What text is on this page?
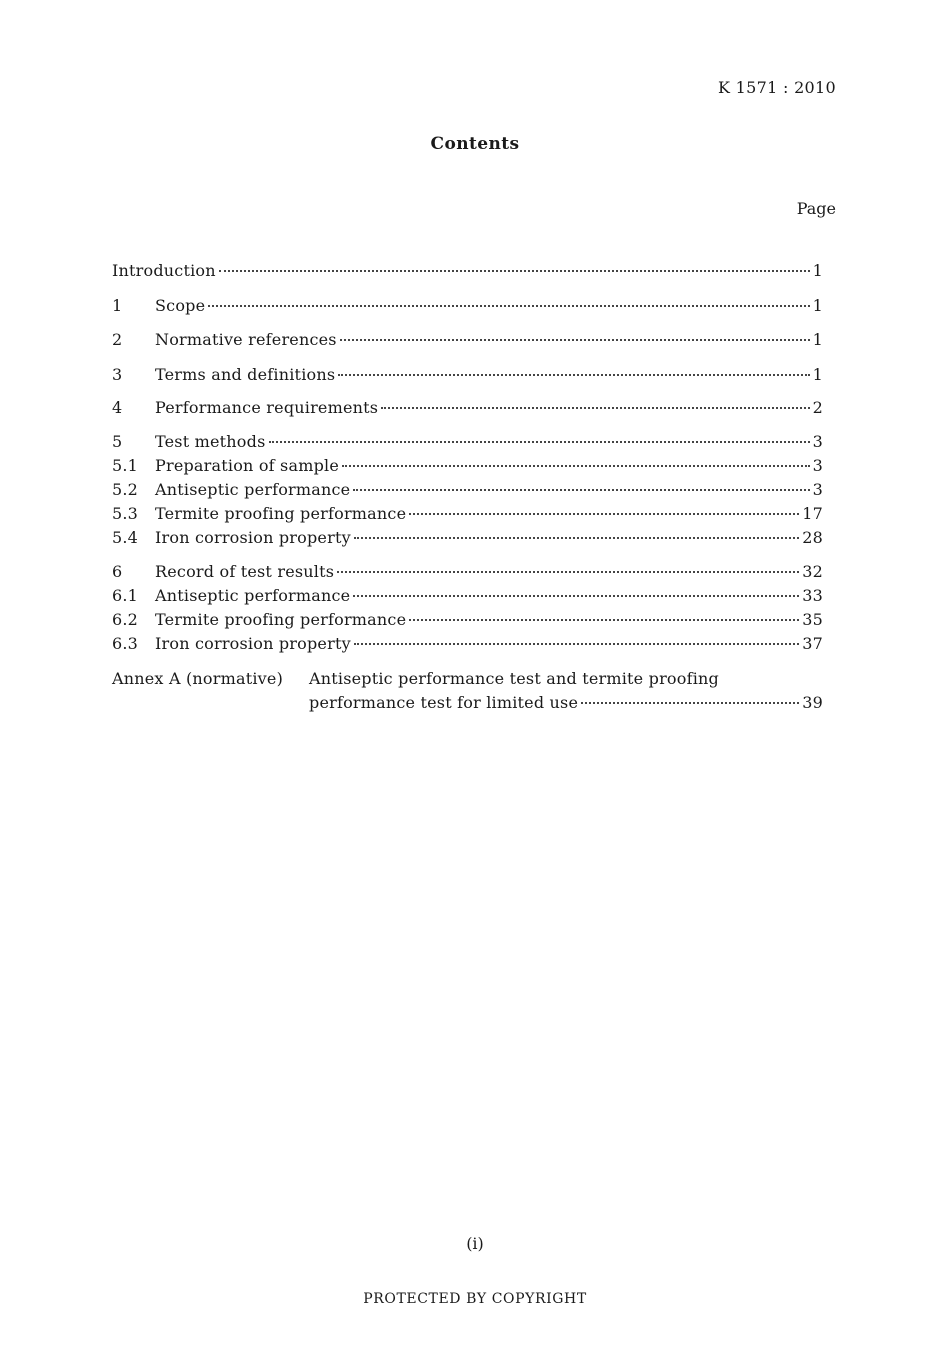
K 1571 : 2010
Contents
Page
Introduction	1
1	Scope	1
2	Normative references	1
3	Terms and definitions	1
4	Performance requirements	2
5	Test methods	3
5.1	Preparation of sample	3
5.2	Antiseptic performance	3
5.3	Termite proofing performance	17
5.4	Iron corrosion property	28
6	Record of test results	32
6.1	Antiseptic performance	33
6.2	Termite proofing performance	35
6.3	Iron corrosion property	37
Annex A (normative) Antiseptic performance test and termite proofing
performance test for limited use	39
(i)
PROTECTED BY COPYRIGHT
